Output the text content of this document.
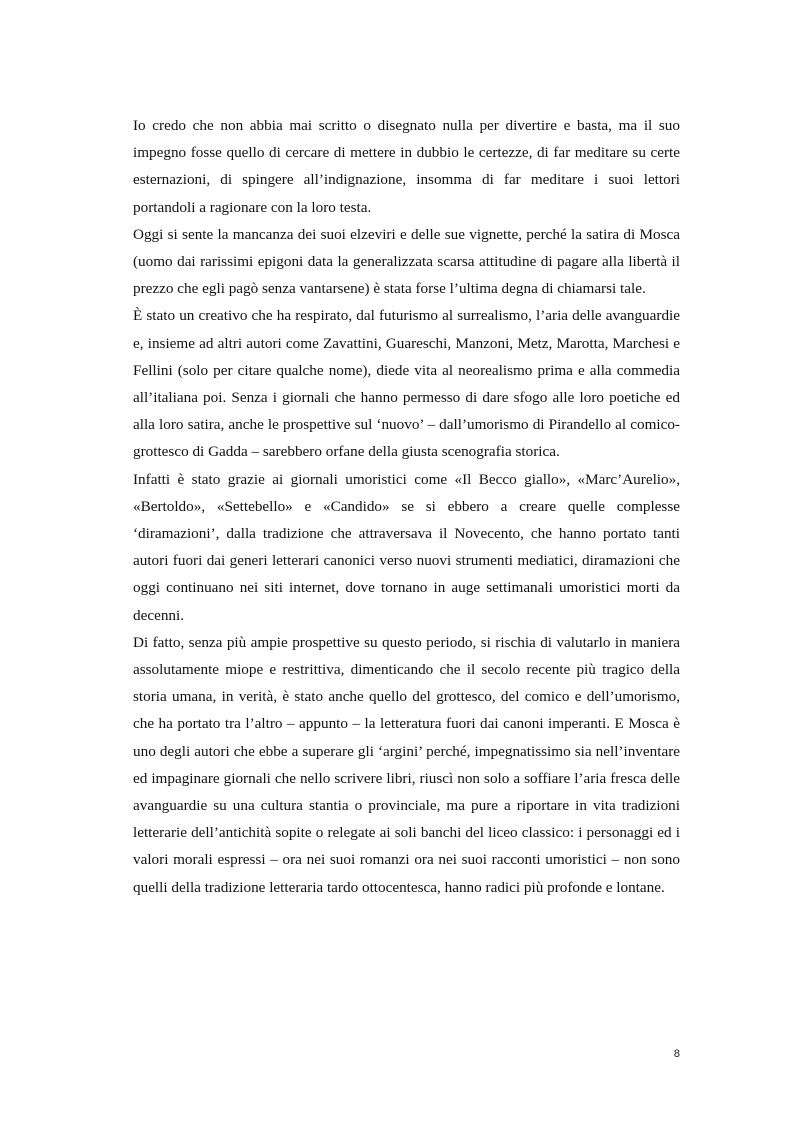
Io credo che non abbia mai scritto o disegnato nulla per divertire e basta, ma il suo impegno fosse quello di cercare di mettere in dubbio le certezze, di far meditare su certe esternazioni, di spingere all’indignazione, insomma di far meditare i suoi lettori portandoli a ragionare con la loro testa.

Oggi si sente la mancanza dei suoi elzeviri e delle sue vignette, perché la satira di Mosca (uomo dai rarissimi epigoni data la generalizzata scarsa attitudine di pagare alla libertà il prezzo che egli pagò senza vantarsene) è stata forse l’ultima degna di chiamarsi tale.

È stato un creativo che ha respirato, dal futurismo al surrealismo, l’aria delle avanguardie e, insieme ad altri autori come Zavattini, Guareschi, Manzoni, Metz, Marotta, Marchesi e Fellini (solo per citare qualche nome), diede vita al neorealismo prima e alla commedia all’italiana poi. Senza i giornali che hanno permesso di dare sfogo alle loro poetiche ed alla loro satira, anche le prospettive sul ‘nuovo’ – dall’umorismo di Pirandello al comico-grottesco di Gadda – sarebbero orfane della giusta scenografia storica.

Infatti è stato grazie ai giornali umoristici come «Il Becco giallo», «Marc’Aurelio», «Bertoldo», «Settebello» e «Candido» se si ebbero a creare quelle complesse ‘diramazioni’, dalla tradizione che attraversava il Novecento, che hanno portato tanti autori fuori dai generi letterari canonici verso nuovi strumenti mediatici, diramazioni che oggi continuano nei siti internet, dove tornano in auge settimanali umoristici morti da decenni.

Di fatto, senza più ampie prospettive su questo periodo, si rischia di valutarlo in maniera assolutamente miope e restrittiva, dimenticando che il secolo recente più tragico della storia umana, in verità, è stato anche quello del grottesco, del comico e dell’umorismo, che ha portato tra l’altro – appunto – la letteratura fuori dai canoni imperanti. E Mosca è uno degli autori che ebbe a superare gli ‘argini’ perché, impegnatissimo sia nell’inventare ed impaginare giornali che nello scrivere libri, riuscì non solo a soffiare l’aria fresca delle avanguardie su una cultura stantia o provinciale, ma pure a riportare in vita tradizioni letterarie dell’antichità sopite o relegate ai soli banchi del liceo classico: i personaggi ed i valori morali espressi – ora nei suoi romanzi ora nei suoi racconti umoristici – non sono quelli della tradizione letteraria tardo ottocentesca, hanno radici più profonde e lontane.

8
